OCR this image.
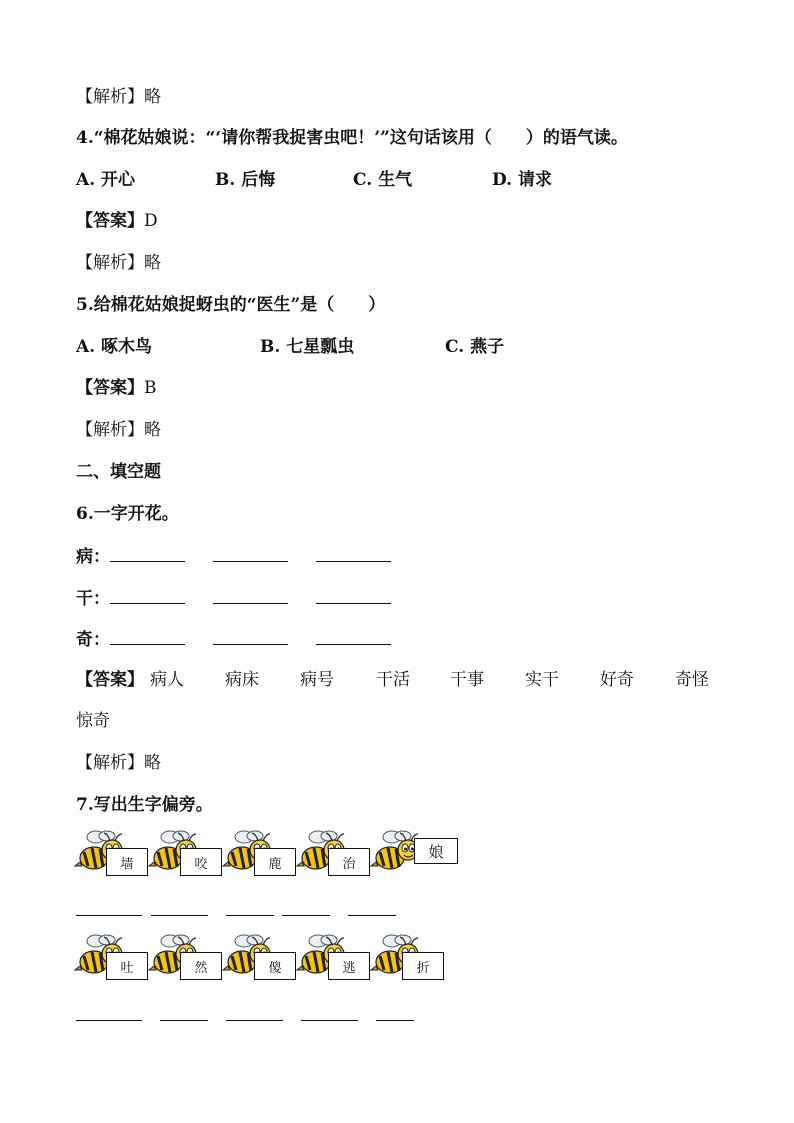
【解析】略
4.“棉花姑娘说：“‘请你帮我捉害虫吧！’”这句话该用（　　）的语气读。
A. 开心	B. 后悔	C. 生气	D. 请求
【答案】D
【解析】略
5.给棉花姑娘捉蚜虫的“医生”是（　　）
A. 啄木鸟	B. 七星瓢虫	C. 燕子
【答案】B
【解析】略
二、填空题
6.一字开花。
病：
干：
奇：
【答案】 病人 病床 病号 干活 干事 实干 好奇 奇怪
惊奇
【解析】略
7.写出生字偏旁。
墙	咬	鹿	治
娘
吐	然	傻	逃	折
